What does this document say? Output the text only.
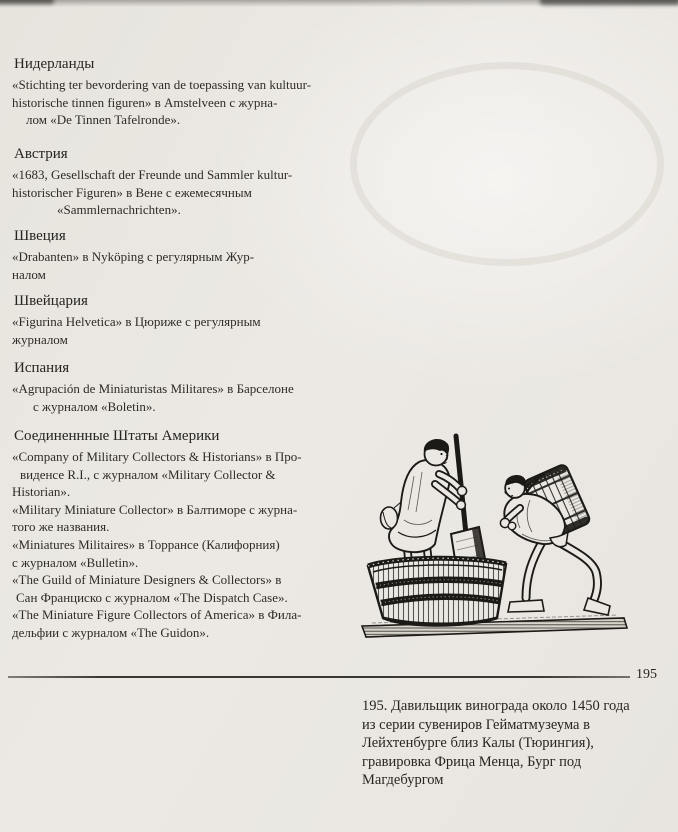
Нидерланды
«Stichting ter bevordering van de toepassing van kultuur-
historische tinnen figuren» в Amstelveen с журна-
лом «De Tinnen Tafelronde».
Австрия
«1683, Gesellschaft der Freunde und Sammler kultur-
historischer Figuren» в Вене с ежемесячным
«Sammlernachrichten».
Швеция
«Drabanten» в Nyköping с регулярным Жур-
налом
Швейцария
«Figurina Helvetica» в Цюриже с регулярным
журналом
Испания
«Agrupación de Miniaturistas Militares» в Барселоне
с журналом «Boletin».
Соединеннные Штаты Америки
«Company of Military Collectors & Historians» в Про-
виденсе R.I., с журналом «Military Collector &
Historian».
«Military Miniature Collector» в Балтиморе с журна-
того же названия.
«Miniatures Militaires» в Торрансе (Калифорния)
с журналом «Bulletin».
«The Guild of Miniature Designers & Collectors» в
Сан Франциско с журналом «The Dispatch Case».
«The Miniature Figure Collectors of America» в Фила-
дельфии с журналом «The Guidon».
195
195. Давильщик винограда около 1450 года
из серии сувениров Гейматмузеума в
Лейхтенбурге близ Калы (Тюрингия),
гравировка Фрица Менца, Бург под
Магдебургом
